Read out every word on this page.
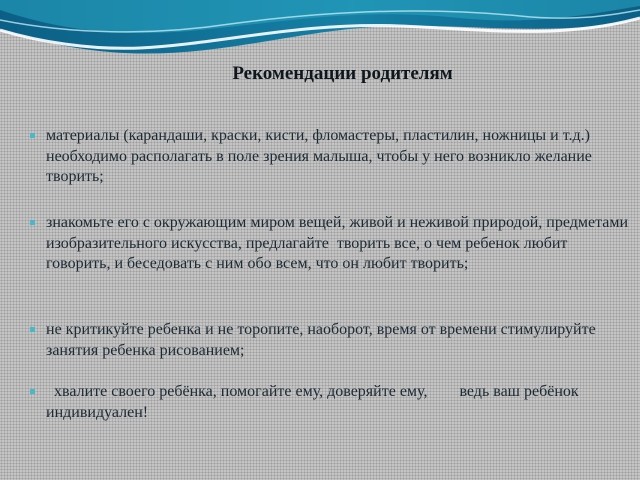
Рекомендации родителям
материалы (карандаши, краски, кисти, фломастеры, пластилин, ножницы и т.д.) необходимо располагать в поле зрения малыша, чтобы у него возникло желание творить;
знакомьте его с окружающим миром вещей, живой и неживой природой, предметами изобразительного искусства, предлагайте  творить все, о чем ребенок любит говорить, и беседовать с ним обо всем, что он любит творить;
не критикуйте ребенка и не торопите, наоборот, время от времени стимулируйте занятия ребенка рисованием;
хвалите своего ребёнка, помогайте ему, доверяйте ему,        ведь ваш ребёнок индивидуален!
